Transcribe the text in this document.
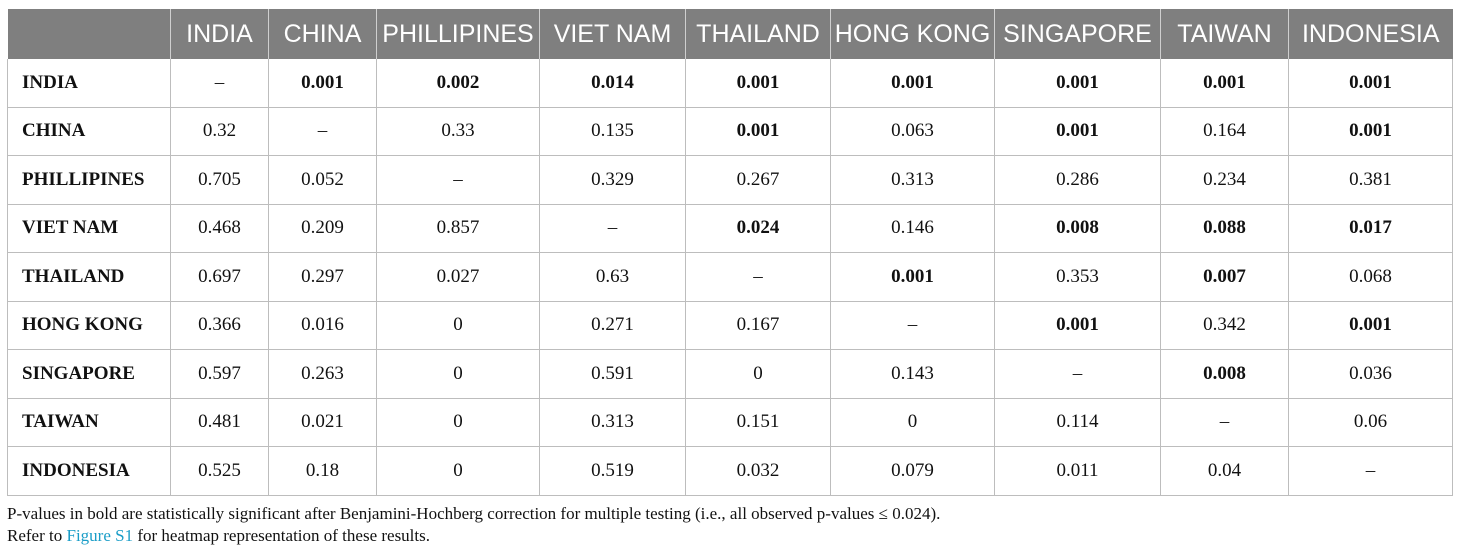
	INDIA	CHINA	PHILLIPINES	VIET NAM	THAILAND	HONG KONG	SINGAPORE	TAIWAN	INDONESIA
INDIA	–	0.001	0.002	0.014	0.001	0.001	0.001	0.001	0.001
CHINA	0.32	–	0.33	0.135	0.001	0.063	0.001	0.164	0.001
PHILLIPINES	0.705	0.052	–	0.329	0.267	0.313	0.286	0.234	0.381
VIET NAM	0.468	0.209	0.857	–	0.024	0.146	0.008	0.088	0.017
THAILAND	0.697	0.297	0.027	0.63	–	0.001	0.353	0.007	0.068
HONG KONG	0.366	0.016	0	0.271	0.167	–	0.001	0.342	0.001
SINGAPORE	0.597	0.263	0	0.591	0	0.143	–	0.008	0.036
TAIWAN	0.481	0.021	0	0.313	0.151	0	0.114	–	0.06
INDONESIA	0.525	0.18	0	0.519	0.032	0.079	0.011	0.04	–

P-values in bold are statistically significant after Benjamini-Hochberg correction for multiple testing (i.e., all observed p-values ≤ 0.024).

Refer to Figure S1 for heatmap representation of these results.
